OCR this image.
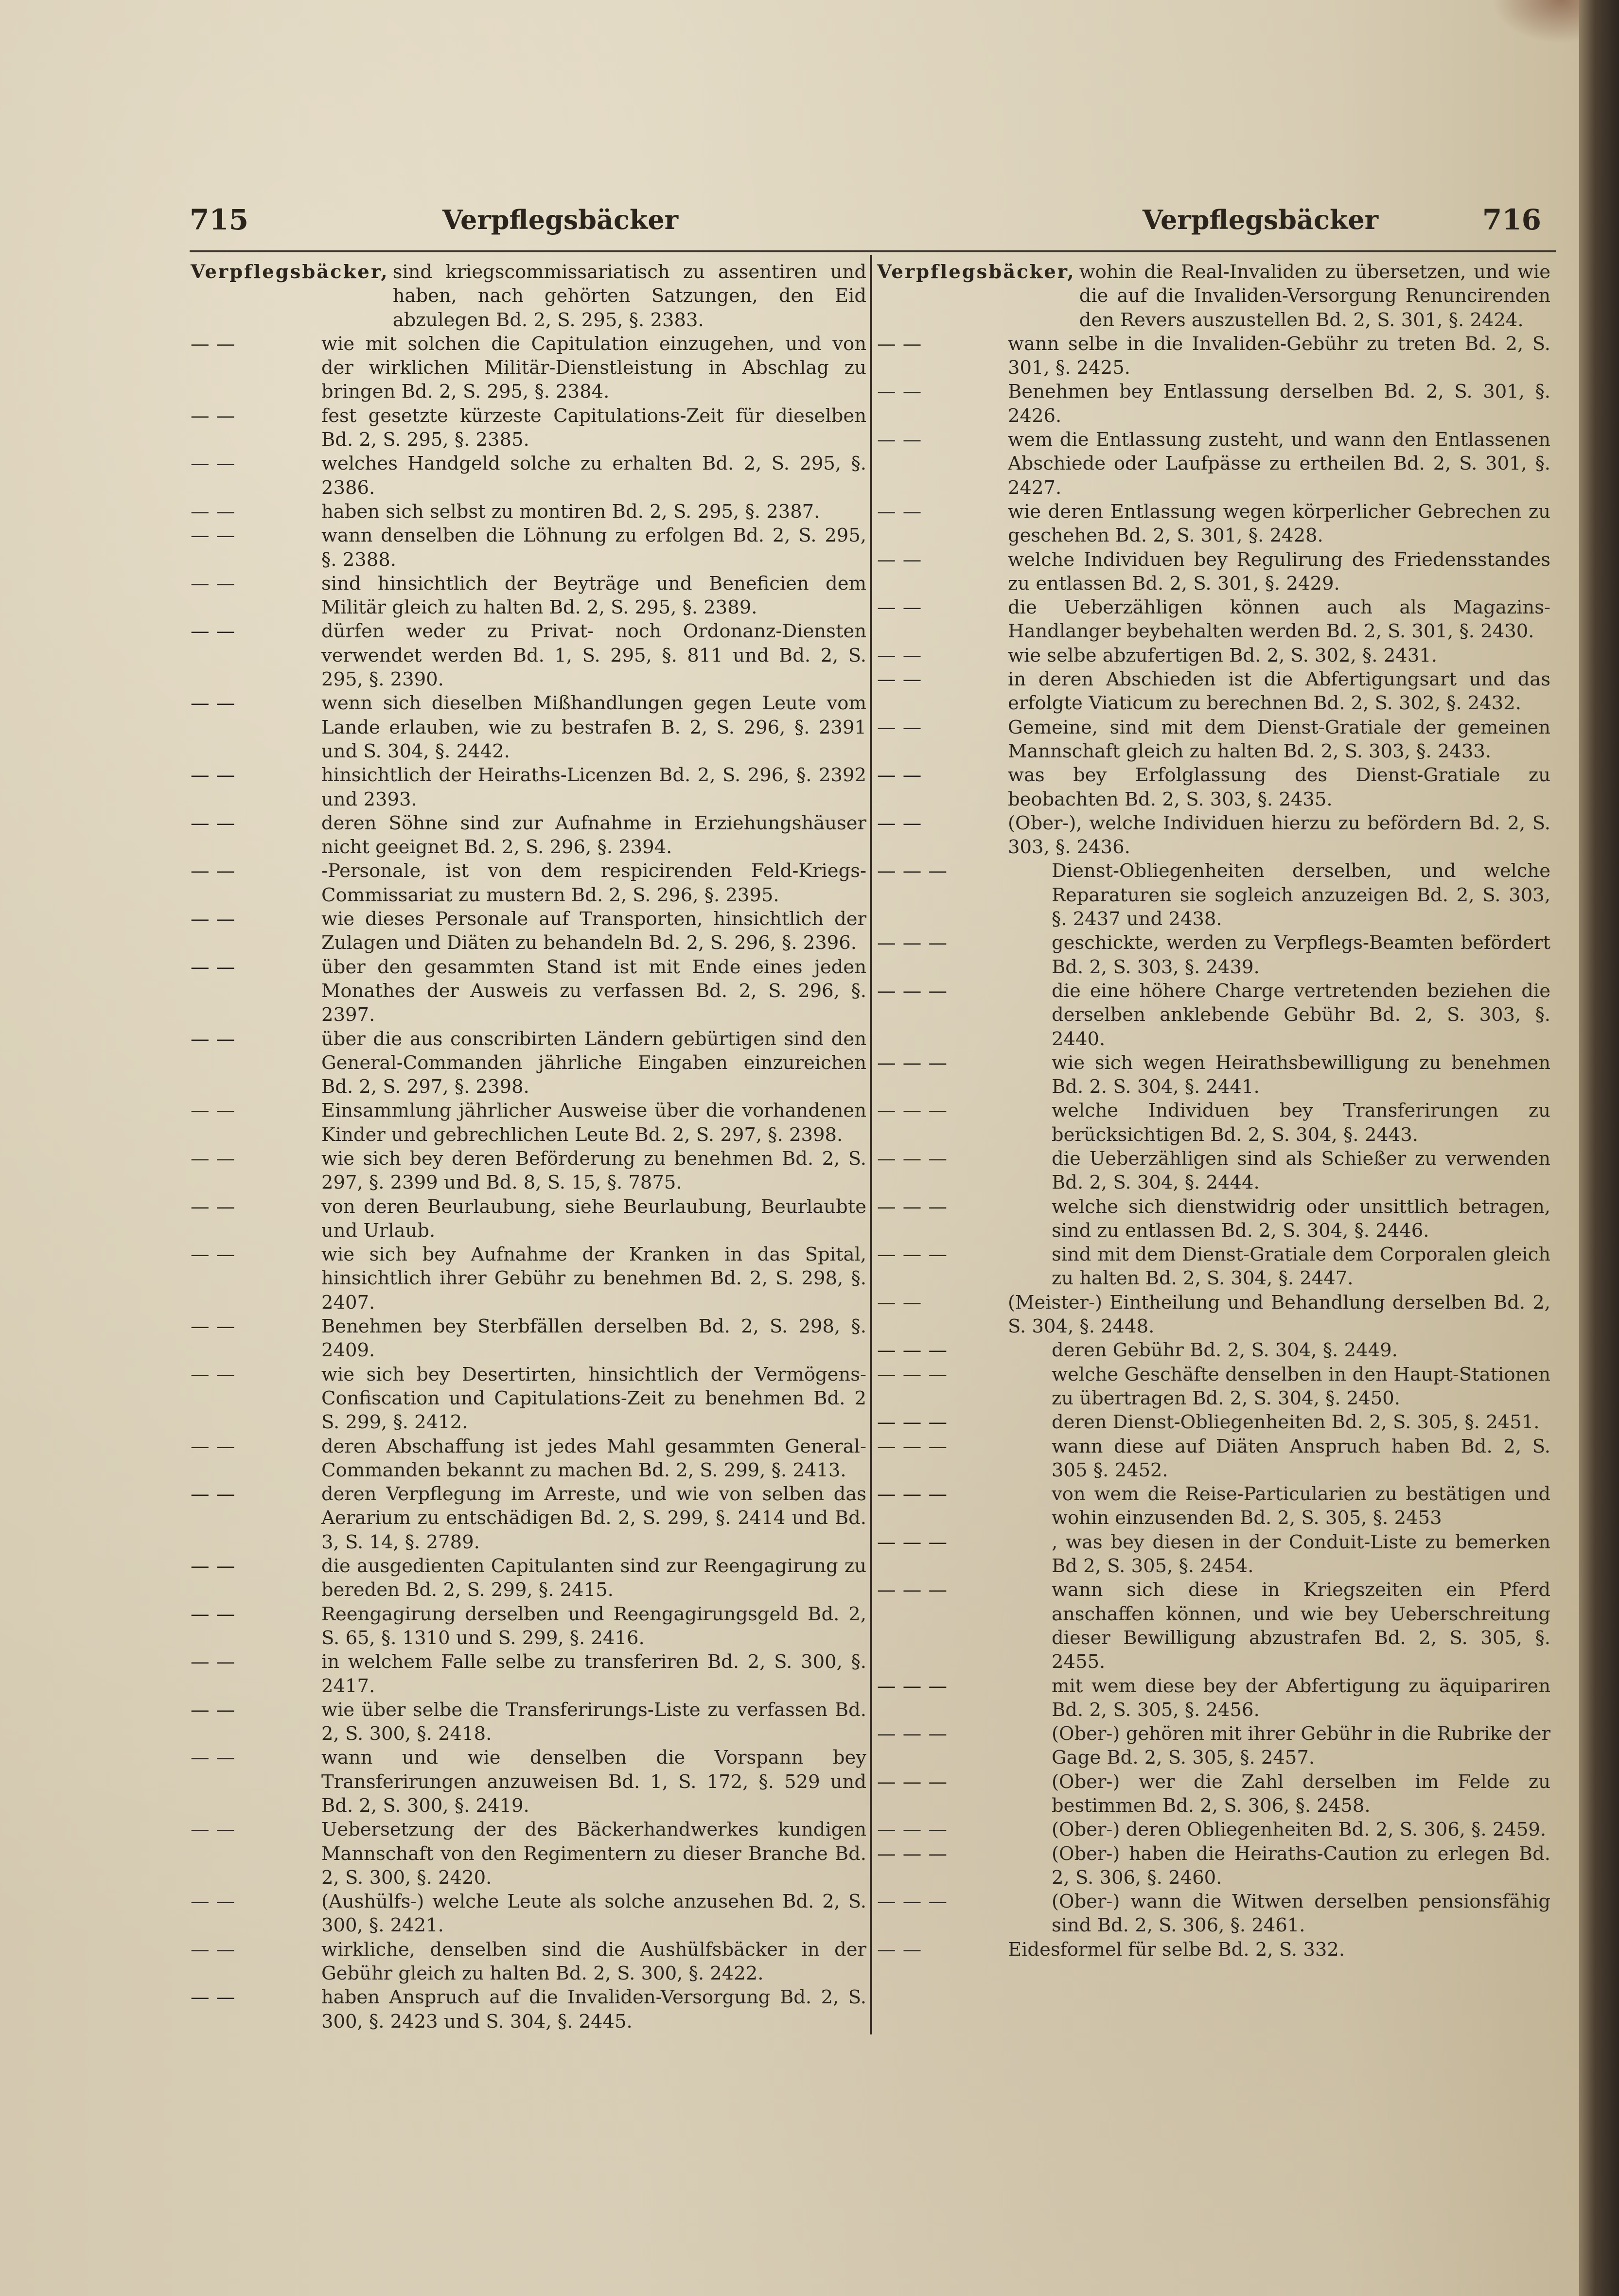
715	Verpflegsbäcker	Verpflegsbäcker	716
Verpflegsbäcker, sind kriegscommissariatisch zu assentiren und haben, nach gehörten Satzungen, den Eid abzulegen Bd. 2, S. 295, §. 2383.
— —	wie mit solchen die Capitulation einzugehen, und von der wirklichen Militär-Dienstleistung in Abschlag zu bringen Bd. 2, S. 295, §. 2384.
— —	fest gesetzte kürzeste Capitulations-Zeit für dieselben Bd. 2, S. 295, §. 2385.
— —	welches Handgeld solche zu erhalten Bd. 2, S. 295, §. 2386.
— —	haben sich selbst zu montiren Bd. 2, S. 295, §. 2387.
— —	wann denselben die Löhnung zu erfolgen Bd. 2, S. 295, §. 2388.
— —	sind hinsichtlich der Beyträge und Beneficien dem Militär gleich zu halten Bd. 2, S. 295, §. 2389.
— —	dürfen weder zu Privat- noch Ordonanz-Diensten verwendet werden Bd. 1, S. 295, §. 811 und Bd. 2, S. 295, §. 2390.
— —	wenn sich dieselben Mißhandlungen gegen Leute vom Lande erlauben, wie zu bestrafen B. 2, S. 296, §. 2391 und S. 304, §. 2442.
— —	hinsichtlich der Heiraths-Licenzen Bd. 2, S. 296, §. 2392 und 2393.
— —	deren Söhne sind zur Aufnahme in Erziehungshäuser nicht geeignet Bd. 2, S. 296, §. 2394.
— —	-Personale, ist von dem respicirenden Feld-Kriegs-Commissariat zu mustern Bd. 2, S. 296, §. 2395.
— —	wie dieses Personale auf Transporten, hinsichtlich der Zulagen und Diäten zu behandeln Bd. 2, S. 296, §. 2396.
— —	über den gesammten Stand ist mit Ende eines jeden Monathes der Ausweis zu verfassen Bd. 2, S. 296, §. 2397.
— —	über die aus conscribirten Ländern gebürtigen sind den General-Commanden jährliche Eingaben einzureichen Bd. 2, S. 297, §. 2398.
— —	Einsammlung jährlicher Ausweise über die vorhandenen Kinder und gebrechlichen Leute Bd. 2, S. 297, §. 2398.
— —	wie sich bey deren Beförderung zu benehmen Bd. 2, S. 297, §. 2399 und Bd. 8, S. 15, §. 7875.
— —	von deren Beurlaubung, siehe Beurlaubung, Beurlaubte und Urlaub.
— —	wie sich bey Aufnahme der Kranken in das Spital, hinsichtlich ihrer Gebühr zu benehmen Bd. 2, S. 298, §. 2407.
— —	Benehmen bey Sterbfällen derselben Bd. 2, S. 298, §. 2409.
— —	wie sich bey Desertirten, hinsichtlich der Vermögens-Confiscation und Capitulations-Zeit zu benehmen Bd. 2 S. 299, §. 2412.
— —	deren Abschaffung ist jedes Mahl gesammten General-Commanden bekannt zu machen Bd. 2, S. 299, §. 2413.
— —	deren Verpflegung im Arreste, und wie von selben das Aerarium zu entschädigen Bd. 2, S. 299, §. 2414 und Bd. 3, S. 14, §. 2789.
— —	die ausgedienten Capitulanten sind zur Reengagirung zu bereden Bd. 2, S. 299, §. 2415.
— —	Reengagirung derselben und Reengagirungsgeld Bd. 2, S. 65, §. 1310 und S. 299, §. 2416.
— —	in welchem Falle selbe zu transferiren Bd. 2, S. 300, §. 2417.
— —	wie über selbe die Transferirungs-Liste zu verfassen Bd. 2, S. 300, §. 2418.
— —	wann und wie denselben die Vorspann bey Transferirungen anzuweisen Bd. 1, S. 172, §. 529 und Bd. 2, S. 300, §. 2419.
— —	Uebersetzung der des Bäckerhandwerkes kundigen Mannschaft von den Regimentern zu dieser Branche Bd. 2, S. 300, §. 2420.
— —	(Aushülfs-) welche Leute als solche anzusehen Bd. 2, S. 300, §. 2421.
— —	wirkliche, denselben sind die Aushülfsbäcker in der Gebühr gleich zu halten Bd. 2, S. 300, §. 2422.
— —	haben Anspruch auf die Invaliden-Versorgung Bd. 2, S. 300, §. 2423 und S. 304, §. 2445.
Verpflegsbäcker, wohin die Real-Invaliden zu übersetzen, und wie die auf die Invaliden-Versorgung Renuncirenden den Revers auszustellen Bd. 2, S. 301, §. 2424.
— —	wann selbe in die Invaliden-Gebühr zu treten Bd. 2, S. 301, §. 2425.
— —	Benehmen bey Entlassung derselben Bd. 2, S. 301, §. 2426.
— —	wem die Entlassung zusteht, und wann den Entlassenen Abschiede oder Laufpässe zu ertheilen Bd. 2, S. 301, §. 2427.
— —	wie deren Entlassung wegen körperlicher Gebrechen zu geschehen Bd. 2, S. 301, §. 2428.
— —	welche Individuen bey Regulirung des Friedensstandes zu entlassen Bd. 2, S. 301, §. 2429.
— —	die Ueberzähligen können auch als Magazins-Handlanger beybehalten werden Bd. 2, S. 301, §. 2430.
— —	wie selbe abzufertigen Bd. 2, S. 302, §. 2431.
— —	in deren Abschieden ist die Abfertigungsart und das erfolgte Viaticum zu berechnen Bd. 2, S. 302, §. 2432.
— —	Gemeine, sind mit dem Dienst-Gratiale der gemeinen Mannschaft gleich zu halten Bd. 2, S. 303, §. 2433.
— —	was bey Erfolglassung des Dienst-Gratiale zu beobachten Bd. 2, S. 303, §. 2435.
— —	(Ober-), welche Individuen hierzu zu befördern Bd. 2, S. 303, §. 2436.
— — —	Dienst-Obliegenheiten derselben, und welche Reparaturen sie sogleich anzuzeigen Bd. 2, S. 303, §. 2437 und 2438.
— — —	geschickte, werden zu Verpflegs-Beamten befördert Bd. 2, S. 303, §. 2439.
— — —	die eine höhere Charge vertretenden beziehen die derselben anklebende Gebühr Bd. 2, S. 303, §. 2440.
— — —	wie sich wegen Heirathsbewilligung zu benehmen Bd. 2. S. 304, §. 2441.
— — —	welche Individuen bey Transferirungen zu berücksichtigen Bd. 2, S. 304, §. 2443.
— — —	die Ueberzähligen sind als Schießer zu verwenden Bd. 2, S. 304, §. 2444.
— — —	welche sich dienstwidrig oder unsittlich betragen, sind zu entlassen Bd. 2, S. 304, §. 2446.
— — —	sind mit dem Dienst-Gratiale dem Corporalen gleich zu halten Bd. 2, S. 304, §. 2447.
— —	(Meister-) Eintheilung und Behandlung derselben Bd. 2, S. 304, §. 2448.
— — —	deren Gebühr Bd. 2, S. 304, §. 2449.
— — —	welche Geschäfte denselben in den Haupt-Stationen zu übertragen Bd. 2, S. 304, §. 2450.
— — —	deren Dienst-Obliegenheiten Bd. 2, S. 305, §. 2451.
— — —	wann diese auf Diäten Anspruch haben Bd. 2, S. 305 §. 2452.
— — —	von wem die Reise-Particularien zu bestätigen und wohin einzusenden Bd. 2, S. 305, §. 2453
— — —	, was bey diesen in der Conduit-Liste zu bemerken Bd 2, S. 305, §. 2454.
— — —	wann sich diese in Kriegszeiten ein Pferd anschaffen können, und wie bey Ueberschreitung dieser Bewilligung abzustrafen Bd. 2, S. 305, §. 2455.
— — —	mit wem diese bey der Abfertigung zu äquipariren Bd. 2, S. 305, §. 2456.
— — —	(Ober-) gehören mit ihrer Gebühr in die Rubrike der Gage Bd. 2, S. 305, §. 2457.
— — —	(Ober-) wer die Zahl derselben im Felde zu bestimmen Bd. 2, S. 306, §. 2458.
— — —	(Ober-) deren Obliegenheiten Bd. 2, S. 306, §. 2459.
— — —	(Ober-) haben die Heiraths-Caution zu erlegen Bd. 2, S. 306, §. 2460.
— — —	(Ober-) wann die Witwen derselben pensionsfähig sind Bd. 2, S. 306, §. 2461.
— —	Eidesformel für selbe Bd. 2, S. 332.
